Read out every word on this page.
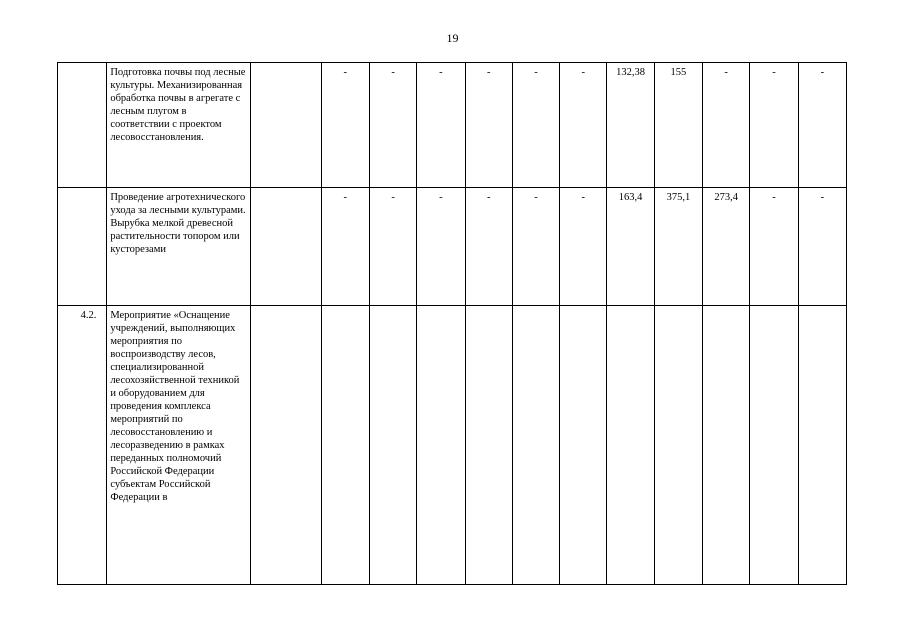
19
	Подготовка почвы под лесные культуры. Механизированная обработка почвы в агрегате с лесным плугом в соответствии с проектом лесовосстановления.		-	-	-	-	-	-	132,38	155	-	-	-
	Проведение агротехнического ухода за лесными культурами. Вырубка мелкой древесной растительности топором или кусторезами		-	-	-	-	-	-	163,4	375,1	273,4	-	-
4.2.	Мероприятие «Оснащение учреждений, выполняющих мероприятия по воспроизводству лесов, специализированной лесохозяйственной техникой и оборудованием для проведения комплекса мероприятий по лесовосстановлению и лесоразведению в рамках переданных полномочий Российской Федерации субъектам Российской Федерации в												
